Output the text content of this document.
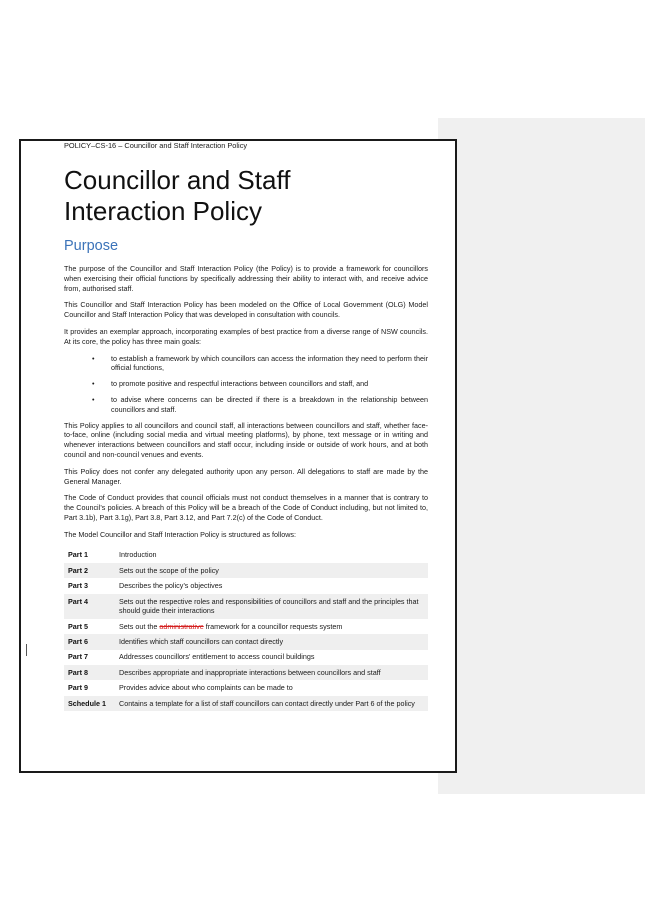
POLICY–CS-16 – Councillor and Staff Interaction Policy

Councillor and Staff
Interaction Policy
Purpose

The purpose of the Councillor and Staff Interaction Policy (the Policy) is to provide a framework for councillors when exercising their official functions by specifically addressing their ability to interact with, and receive advice from, authorised staff.

This Councillor and Staff Interaction Policy has been modeled on the Office of Local Government (OLG) Model Councillor and Staff Interaction Policy that was developed in consultation with councils.

It provides an exemplar approach, incorporating examples of best practice from a diverse range of NSW councils. At its core, the policy has three main goals:

• to establish a framework by which councillors can access the information they need to perform their official functions,
• to promote positive and respectful interactions between councillors and staff, and
• to advise where concerns can be directed if there is a breakdown in the relationship between councillors and staff.

This Policy applies to all councillors and council staff, all interactions between councillors and staff, whether face-to-face, online (including social media and virtual meeting platforms), by phone, text message or in writing and whenever interactions between councillors and staff occur, including inside or outside of work hours, and at both council and non-council venues and events.

This Policy does not confer any delegated authority upon any person. All delegations to staff are made by the General Manager.

The Code of Conduct provides that council officials must not conduct themselves in a manner that is contrary to the Council’s policies. A breach of this Policy will be a breach of the Code of Conduct including, but not limited to, Part 3.1b), Part 3.1g), Part 3.8, Part 3.12, and Part 7.2(c) of the Code of Conduct.

The Model Councillor and Staff Interaction Policy is structured as follows:

Part 1	Introduction
Part 2	Sets out the scope of the policy
Part 3	Describes the policy’s objectives
Part 4	Sets out the respective roles and responsibilities of councillors and staff and the principles that should guide their interactions
Part 5	Sets out the administrative framework for a councillor requests system
Part 6	Identifies which staff councillors can contact directly
Part 7	Addresses councillors’ entitlement to access council buildings
Part 8	Describes appropriate and inappropriate interactions between councillors and staff
Part 9	Provides advice about who complaints can be made to
Schedule 1	Contains a template for a list of staff councillors can contact directly under Part 6 of the policy
